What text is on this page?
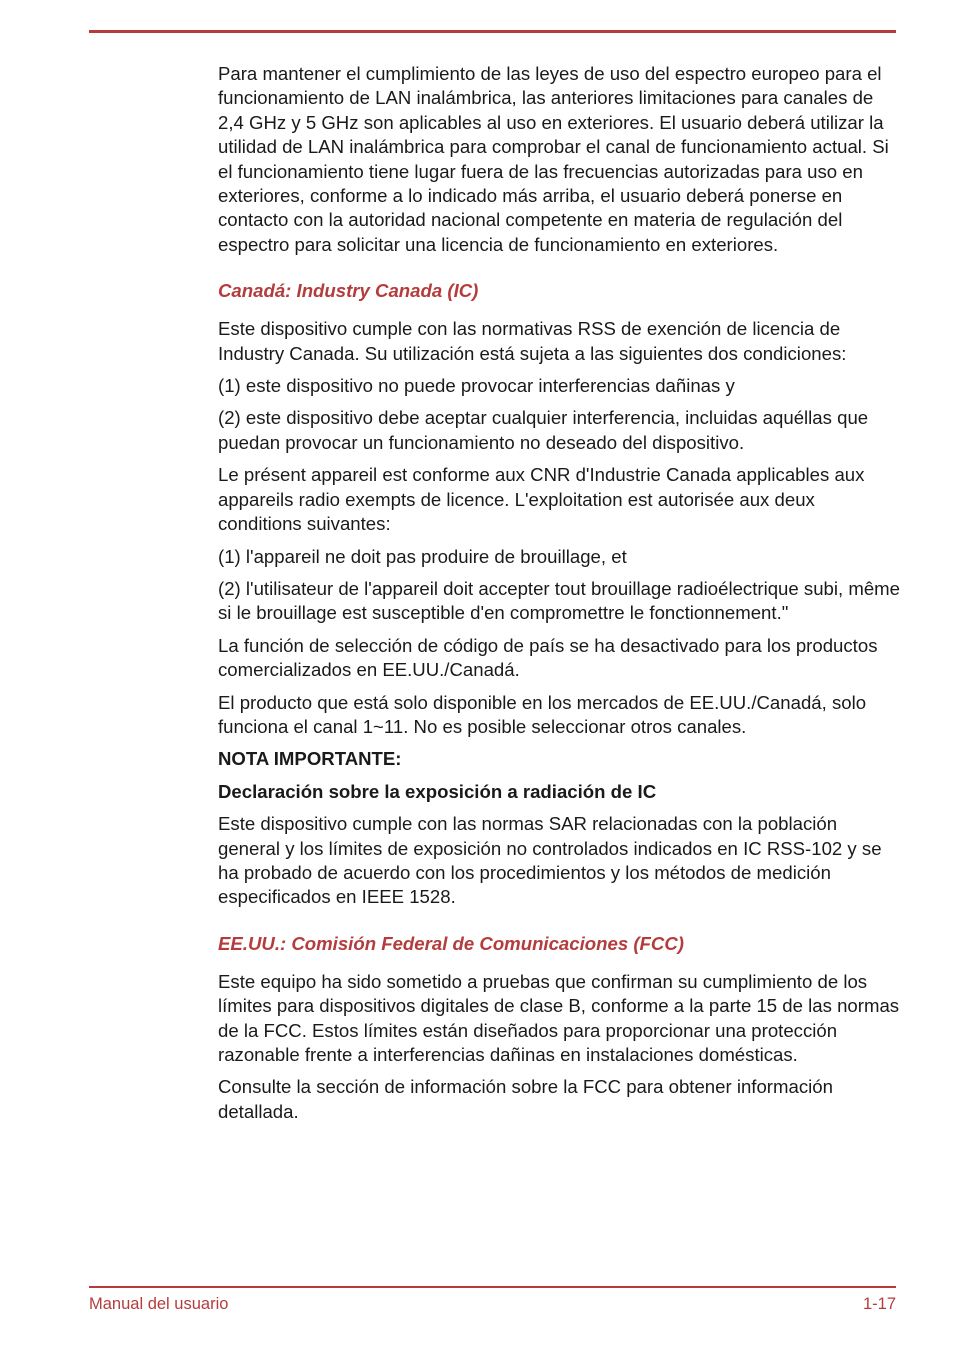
Para mantener el cumplimiento de las leyes de uso del espectro europeo para el funcionamiento de LAN inalámbrica, las anteriores limitaciones para canales de 2,4 GHz y 5 GHz son aplicables al uso en exteriores. El usuario deberá utilizar la utilidad de LAN inalámbrica para comprobar el canal de funcionamiento actual. Si el funcionamiento tiene lugar fuera de las frecuencias autorizadas para uso en exteriores, conforme a lo indicado más arriba, el usuario deberá ponerse en contacto con la autoridad nacional competente en materia de regulación del espectro para solicitar una licencia de funcionamiento en exteriores.

Canadá: Industry Canada (IC)

Este dispositivo cumple con las normativas RSS de exención de licencia de Industry Canada. Su utilización está sujeta a las siguientes dos condiciones:

(1) este dispositivo no puede provocar interferencias dañinas y

(2) este dispositivo debe aceptar cualquier interferencia, incluidas aquéllas que puedan provocar un funcionamiento no deseado del dispositivo.

Le présent appareil est conforme aux CNR d'Industrie Canada applicables aux appareils radio exempts de licence. L'exploitation est autorisée aux deux conditions suivantes:

(1) l'appareil ne doit pas produire de brouillage, et

(2) l'utilisateur de l'appareil doit accepter tout brouillage radioélectrique subi, même si le brouillage est susceptible d'en compromettre le fonctionnement."

La función de selección de código de país se ha desactivado para los productos comercializados en EE.UU./Canadá.

El producto que está solo disponible en los mercados de EE.UU./Canadá, solo funciona el canal 1~11. No es posible seleccionar otros canales.

NOTA IMPORTANTE:

Declaración sobre la exposición a radiación de IC

Este dispositivo cumple con las normas SAR relacionadas con la población general y los límites de exposición no controlados indicados en IC RSS-102 y se ha probado de acuerdo con los procedimientos y los métodos de medición especificados en IEEE 1528.

EE.UU.: Comisión Federal de Comunicaciones (FCC)

Este equipo ha sido sometido a pruebas que confirman su cumplimiento de los límites para dispositivos digitales de clase B, conforme a la parte 15 de las normas de la FCC. Estos límites están diseñados para proporcionar una protección razonable frente a interferencias dañinas en instalaciones domésticas.

Consulte la sección de información sobre la FCC para obtener información detallada.

Manual del usuario	1-17
